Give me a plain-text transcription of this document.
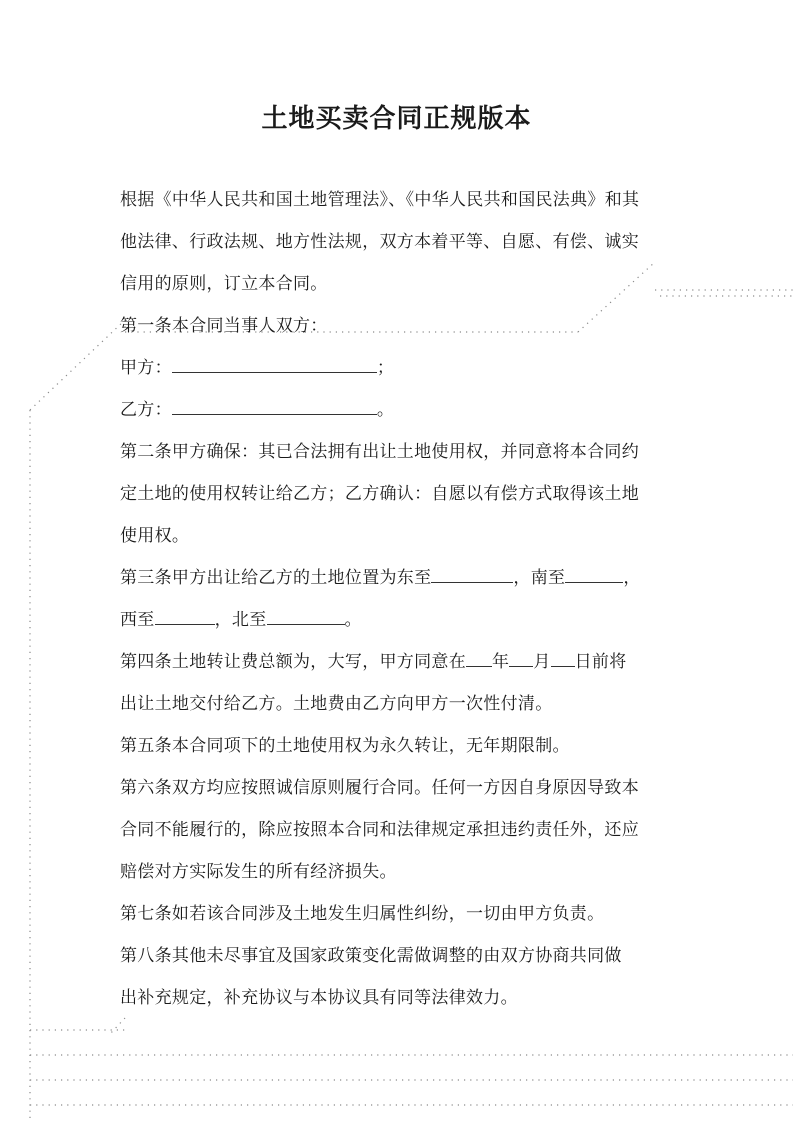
土地买卖合同正规版本
根据《中华人民共和国土地管理法》、《中华人民共和国民法典》和其
他法律、行政法规、地方性法规，双方本着平等、自愿、有偿、诚实
信用的原则，订立本合同。
第一条本合同当事人双方：
甲方：	；
乙方：	。
第二条甲方确保：其已合法拥有出让土地使用权，并同意将本合同约
定土地的使用权转让给乙方；乙方确认：自愿以有偿方式取得该土地
使用权。
第三条甲方出让给乙方的土地位置为东至	，南至	，
西至	，北至	。
第四条土地转让费总额为，大写，甲方同意在 年 月 日前将
出让土地交付给乙方。土地费由乙方向甲方一次性付清。
第五条本合同项下的土地使用权为永久转让，无年期限制。
第六条双方均应按照诚信原则履行合同。任何一方因自身原因导致本
合同不能履行的，除应按照本合同和法律规定承担违约责任外，还应
赔偿对方实际发生的所有经济损失。
第七条如若该合同涉及土地发生归属性纠纷，一切由甲方负责。
第八条其他未尽事宜及国家政策变化需做调整的由双方协商共同做
出补充规定，补充协议与本协议具有同等法律效力。
